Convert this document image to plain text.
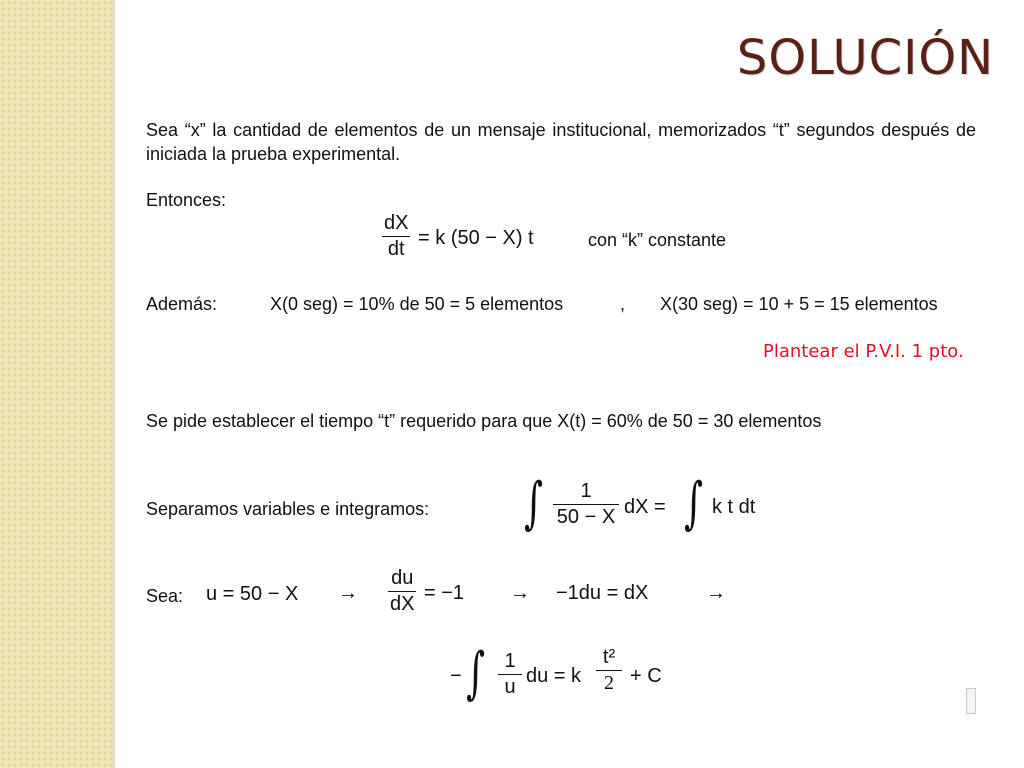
SOLUCIÓN
Sea “x” la cantidad de elementos de un mensaje institucional, memorizados “t” segundos después de iniciada la prueba experimental.
Entonces:
dX
dt = k (50 − X) t	con “k” constante
Además:	X(0 seg) = 10% de 50 = 5 elementos	, X(30 seg) = 10 + 5 = 15 elementos
Plantear el P.V.I. 1 pto.
Se pide establecer el tiempo “t” requerido para que X(t) = 60% de 50 = 30 elementos
Separamos variables e integramos: ∫	1
50 − X dX = ∫ k t dt
Sea: u = 50 − X →
du
dX = −1 → −1du = dX	→
− ∫ 1
u du = k
t²
2 + C
